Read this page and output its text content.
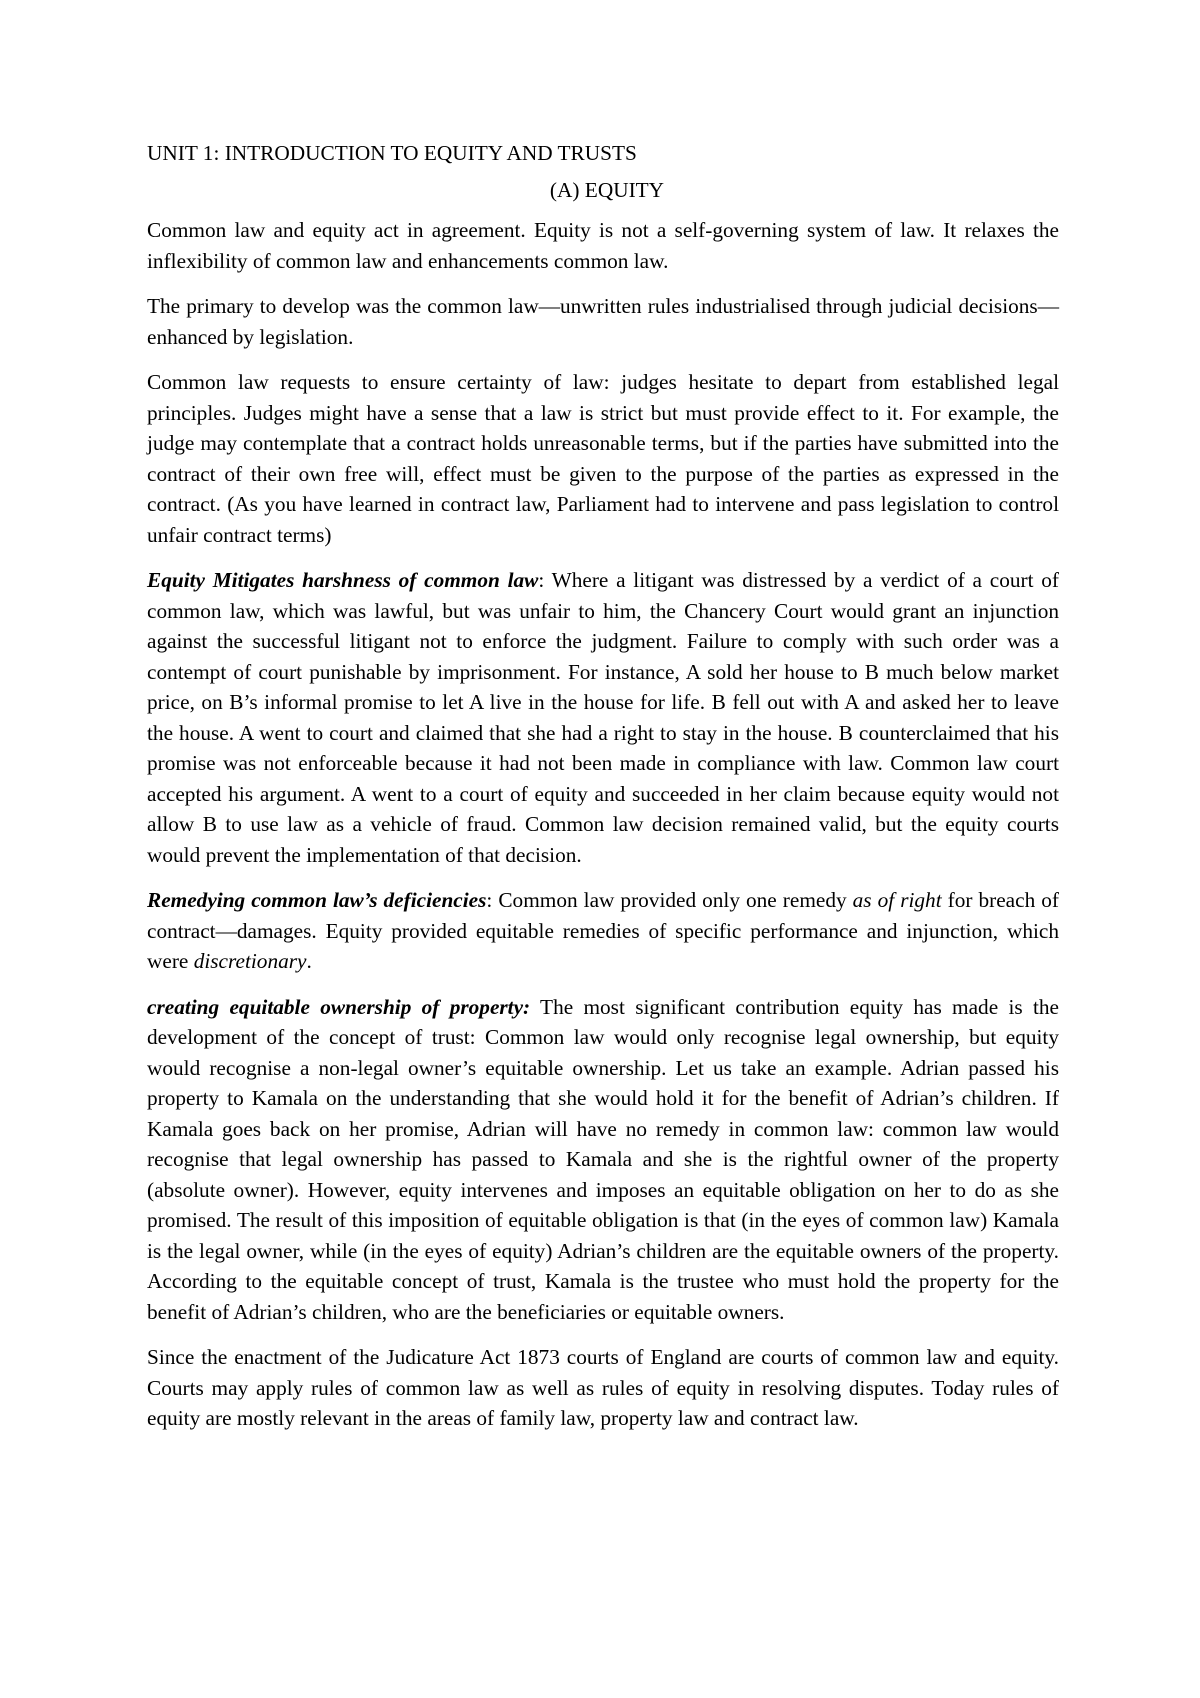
UNIT 1: INTRODUCTION TO EQUITY AND TRUSTS
(A) EQUITY

Common law and equity act in agreement. Equity is not a self-governing system of law. It relaxes the inflexibility of common law and enhancements common law.

The primary to develop was the common law—unwritten rules industrialised through judicial decisions—enhanced by legislation.

Common law requests to ensure certainty of law: judges hesitate to depart from established legal principles. Judges might have a sense that a law is strict but must provide effect to it. For example, the judge may contemplate that a contract holds unreasonable terms, but if the parties have submitted into the contract of their own free will, effect must be given to the purpose of the parties as expressed in the contract. (As you have learned in contract law, Parliament had to intervene and pass legislation to control unfair contract terms)

Equity Mitigates harshness of common law: Where a litigant was distressed by a verdict of a court of common law, which was lawful, but was unfair to him, the Chancery Court would grant an injunction against the successful litigant not to enforce the judgment. Failure to comply with such order was a contempt of court punishable by imprisonment. For instance, A sold her house to B much below market price, on B’s informal promise to let A live in the house for life. B fell out with A and asked her to leave the house. A went to court and claimed that she had a right to stay in the house. B counterclaimed that his promise was not enforceable because it had not been made in compliance with law. Common law court accepted his argument. A went to a court of equity and succeeded in her claim because equity would not allow B to use law as a vehicle of fraud. Common law decision remained valid, but the equity courts would prevent the implementation of that decision.

Remedying common law’s deficiencies: Common law provided only one remedy as of right for breach of contract—damages. Equity provided equitable remedies of specific performance and injunction, which were discretionary.

creating equitable ownership of property: The most significant contribution equity has made is the development of the concept of trust: Common law would only recognise legal ownership, but equity would recognise a non-legal owner’s equitable ownership. Let us take an example. Adrian passed his property to Kamala on the understanding that she would hold it for the benefit of Adrian’s children. If Kamala goes back on her promise, Adrian will have no remedy in common law: common law would recognise that legal ownership has passed to Kamala and she is the rightful owner of the property (absolute owner). However, equity intervenes and imposes an equitable obligation on her to do as she promised. The result of this imposition of equitable obligation is that (in the eyes of common law) Kamala is the legal owner, while (in the eyes of equity) Adrian’s children are the equitable owners of the property. According to the equitable concept of trust, Kamala is the trustee who must hold the property for the benefit of Adrian’s children, who are the beneficiaries or equitable owners.

Since the enactment of the Judicature Act 1873 courts of England are courts of common law and equity. Courts may apply rules of common law as well as rules of equity in resolving disputes. Today rules of equity are mostly relevant in the areas of family law, property law and contract law.
